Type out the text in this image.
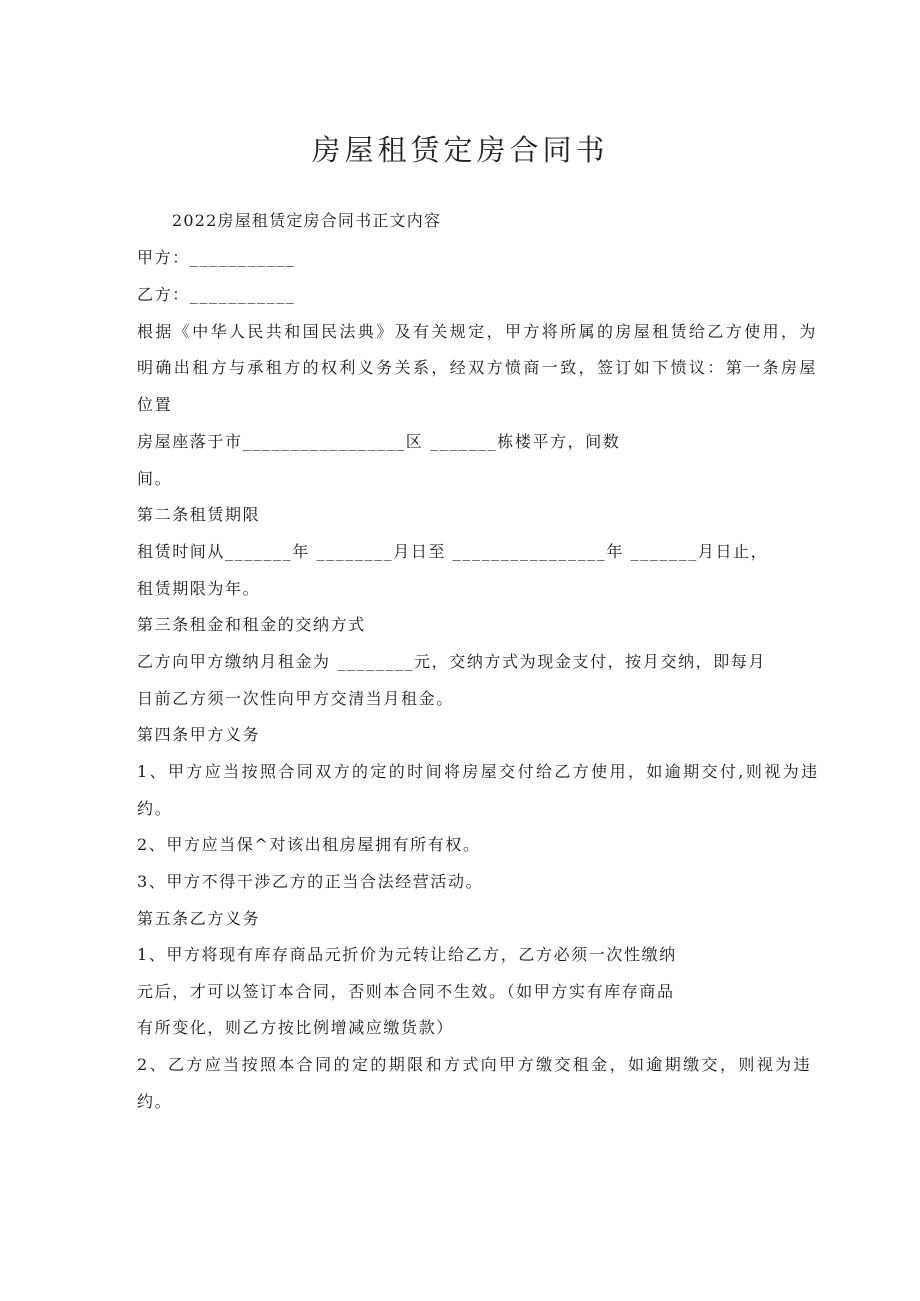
房屋租赁定房合同书
2022房屋租赁定房合同书正文内容
甲方：___________
乙方：___________
根据《中华人民共和国民法典》及有关规定，甲方将所属的房屋租赁给乙方使用，为
明确出租方与承租方的权利义务关系，经双方愤商一致，签订如下愤议：第一条房屋
位置
房屋座落于市_________________区 _______栋楼平方，间数
间。
第二条租赁期限
租赁时间从_______年 ________月日至 ________________年 _______月日止，
租赁期限为年。
第三条租金和租金的交纳方式
乙方向甲方缴纳月租金为 ________元，交纳方式为现金支付，按月交纳，即每月
日前乙方须一次性向甲方交清当月租金。
第四条甲方义务
1、甲方应当按照合同双方的定的时间将房屋交付给乙方使用，如逾期交付,则视为违
约。
2、甲方应当保^对该出租房屋拥有所有权。
3、甲方不得干涉乙方的正当合法经营活动。
第五条乙方义务
1、甲方将现有库存商品元折价为元转让给乙方，乙方必须一次性缴纳
元后，才可以签订本合同，否则本合同不生效。（如甲方实有库存商品
有所变化，则乙方按比例增减应缴货款）
2、乙方应当按照本合同的定的期限和方式向甲方缴交租金，如逾期缴交，则视为违
约。
